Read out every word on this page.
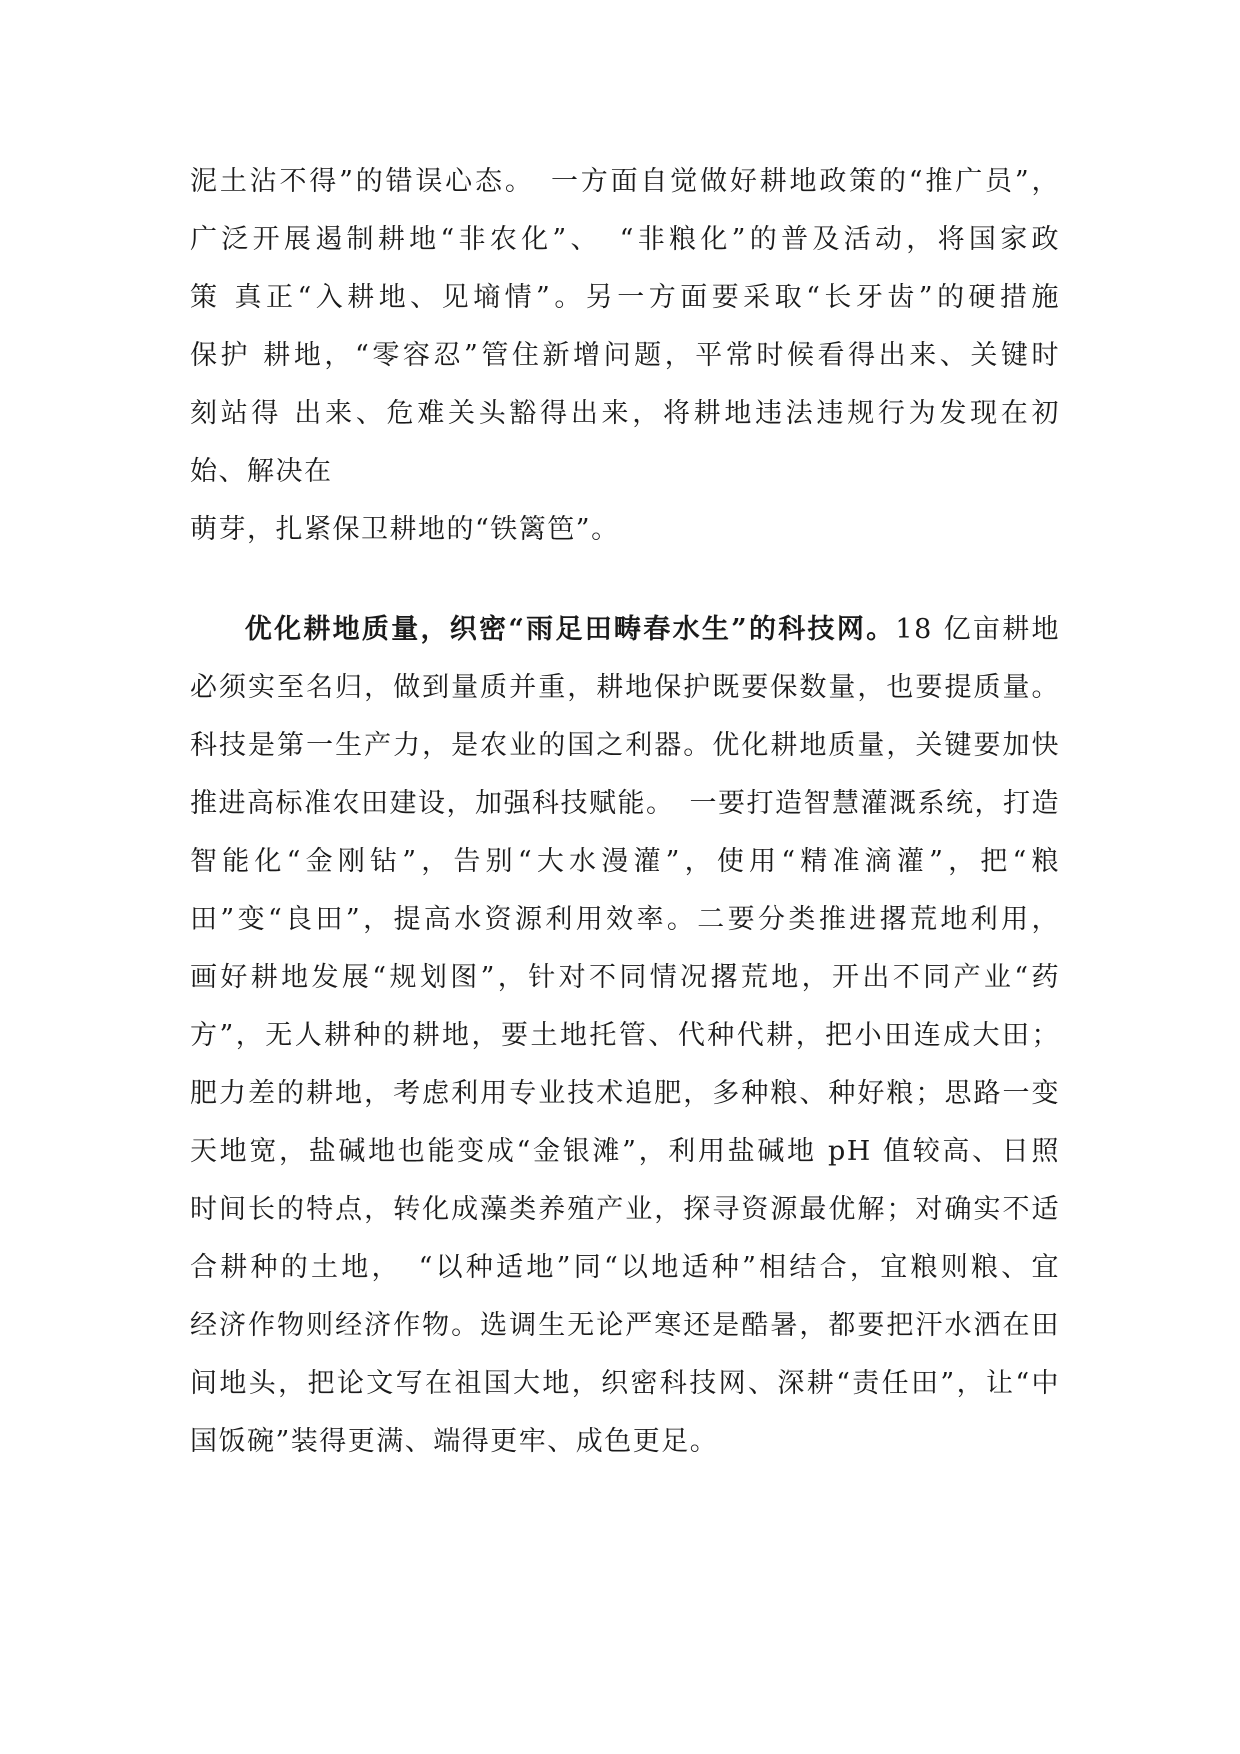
泥土沾不得”的错误心态。　一方面自觉做好耕地政策的“推广员”，
广泛开展遏制耕地“非农化”、　“非粮化”的普及活动，将国家政
策 真正“入耕地、见墒情”。另一方面要采取“长牙齿”的硬措施
保护 耕地，“零容忍”管住新增问题，平常时候看得出来、关键时
刻站得 出来、危难关头豁得出来，将耕地违法违规行为发现在初
始、解决在
萌芽，扎紧保卫耕地的“铁篱笆”。
优化耕地质量，织密“雨足田畴春水生”的科技网。18 亿亩耕地
必须实至名归，做到量质并重，耕地保护既要保数量，也要提质量。
科技是第一生产力，是农业的国之利器。优化耕地质量，关键要加快
推进高标准农田建设，加强科技赋能。　一要打造智慧灌溉系统，打造
智能化“金刚钻”，告别“大水漫灌”，使用“精准滴灌”，把“粮
田”变“良田”，提高水资源利用效率。二要分类推进撂荒地利用，
画好耕地发展“规划图”，针对不同情况撂荒地，开出不同产业“药
方”，无人耕种的耕地，要土地托管、代种代耕，把小田连成大田；
肥力差的耕地，考虑利用专业技术追肥，多种粮、种好粮；思路一变
天地宽，盐碱地也能变成“金银滩”，利用盐碱地 pH 值较高、日照
时间长的特点，转化成藻类养殖产业，探寻资源最优解；对确实不适
合耕种的土地，　“以种适地”同“以地适种”相结合，宜粮则粮、宜
经济作物则经济作物。选调生无论严寒还是酷暑，都要把汗水洒在田
间地头，把论文写在祖国大地，织密科技网、深耕“责任田”，让“中
国饭碗”装得更满、端得更牢、成色更足。
